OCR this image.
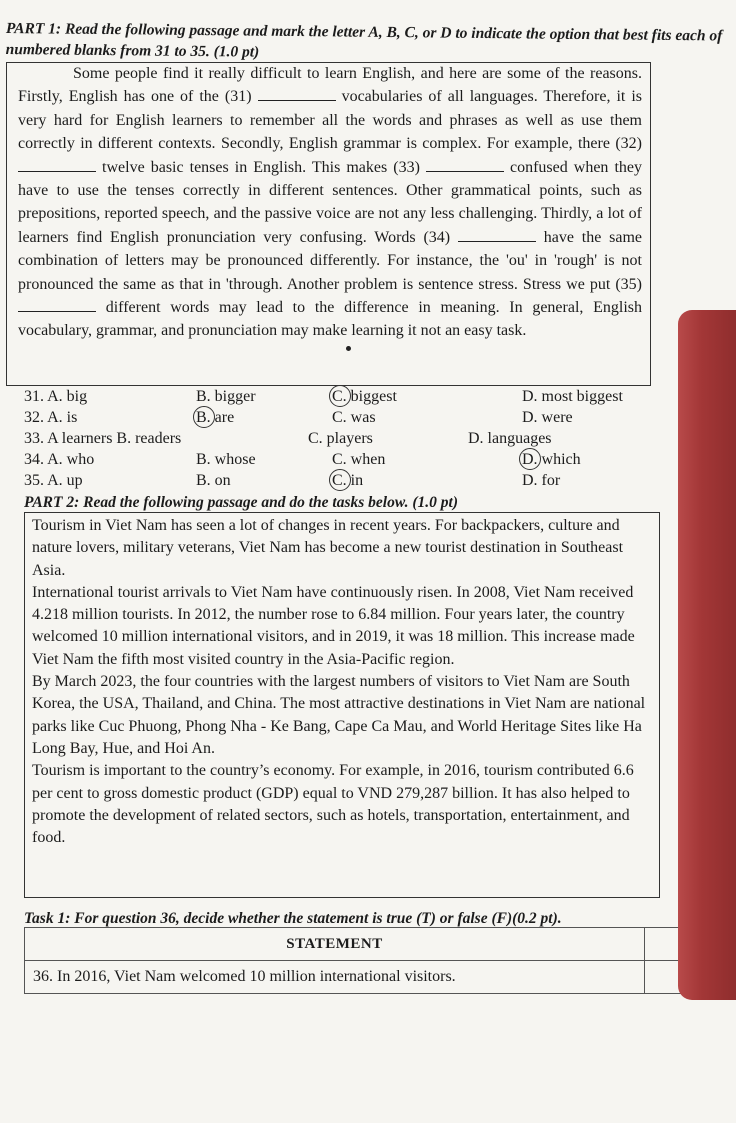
PART 1: Read the following passage and mark the letter A, B, C, or D to indicate the option that best fits each of numbered blanks from 31 to 35. (1.0 pt)

Some people find it really difficult to learn English, and here are some of the reasons. Firstly, English has one of the (31)	vocabularies of all languages. Therefore, it is very hard for English learners to remember all the words and phrases as well as use them correctly in different contexts. Secondly, English grammar is complex. For example, there (32)  twelve basic tenses in English. This makes (33)	confused when they have to use the tenses correctly in different sentences. Other grammatical points, such as prepositions, reported speech, and the passive voice are not any less challenging. Thirdly, a lot of learners find English pronunciation very confusing. Words (34)	have the same combination of letters may be pronounced differently. For instance, the 'ou' in 'rough' is not pronounced the same as that in 'through. Another problem is sentence stress. Stress we put (35)  different words may lead to the difference in meaning. In general, English vocabulary, grammar, and pronunciation may make learning it not an easy task.

31. A. big	B. bigger	C. biggest	D. most biggest
32. A. is	B. are	C. was	D. were
33. A learners B. readers	C. players	D. languages
34. A. who	B. whose	C. when	D. which
35. A. up	B. on	C. in	D. for
PART 2: Read the following passage and do the tasks below. (1.0 pt)

Tourism in Viet Nam has seen a lot of changes in recent years. For backpackers, culture and nature lovers, military veterans, Viet Nam has become a new tourist destination in Southeast Asia.

International tourist arrivals to Viet Nam have continuously risen. In 2008, Viet Nam received 4.218 million tourists. In 2012, the number rose to 6.84 million. Four years later, the country welcomed 10 million international visitors, and in 2019, it was 18 million. This increase made Viet Nam the fifth most visited country in the Asia-Pacific region.

By March 2023, the four countries with the largest numbers of visitors to Viet Nam are South Korea, the USA, Thailand, and China. The most attractive destinations in Viet Nam are national parks like Cuc Phuong, Phong Nha - Ke Bang, Cape Ca Mau, and World Heritage Sites like Ha Long Bay, Hue, and Hoi An.

Tourism is important to the country’s economy. For example, in 2016, tourism contributed 6.6 per cent to gross domestic product (GDP) equal to VND 279,287 billion. It has also helped to promote the development of related sectors, such as hotels, transportation, entertainment, and food.

Task 1: For question 36, decide whether the statement is true (T) or false (F)(0.2 pt).
STATEMENT	
36. In 2016, Viet Nam welcomed 10 million international visitors.	
